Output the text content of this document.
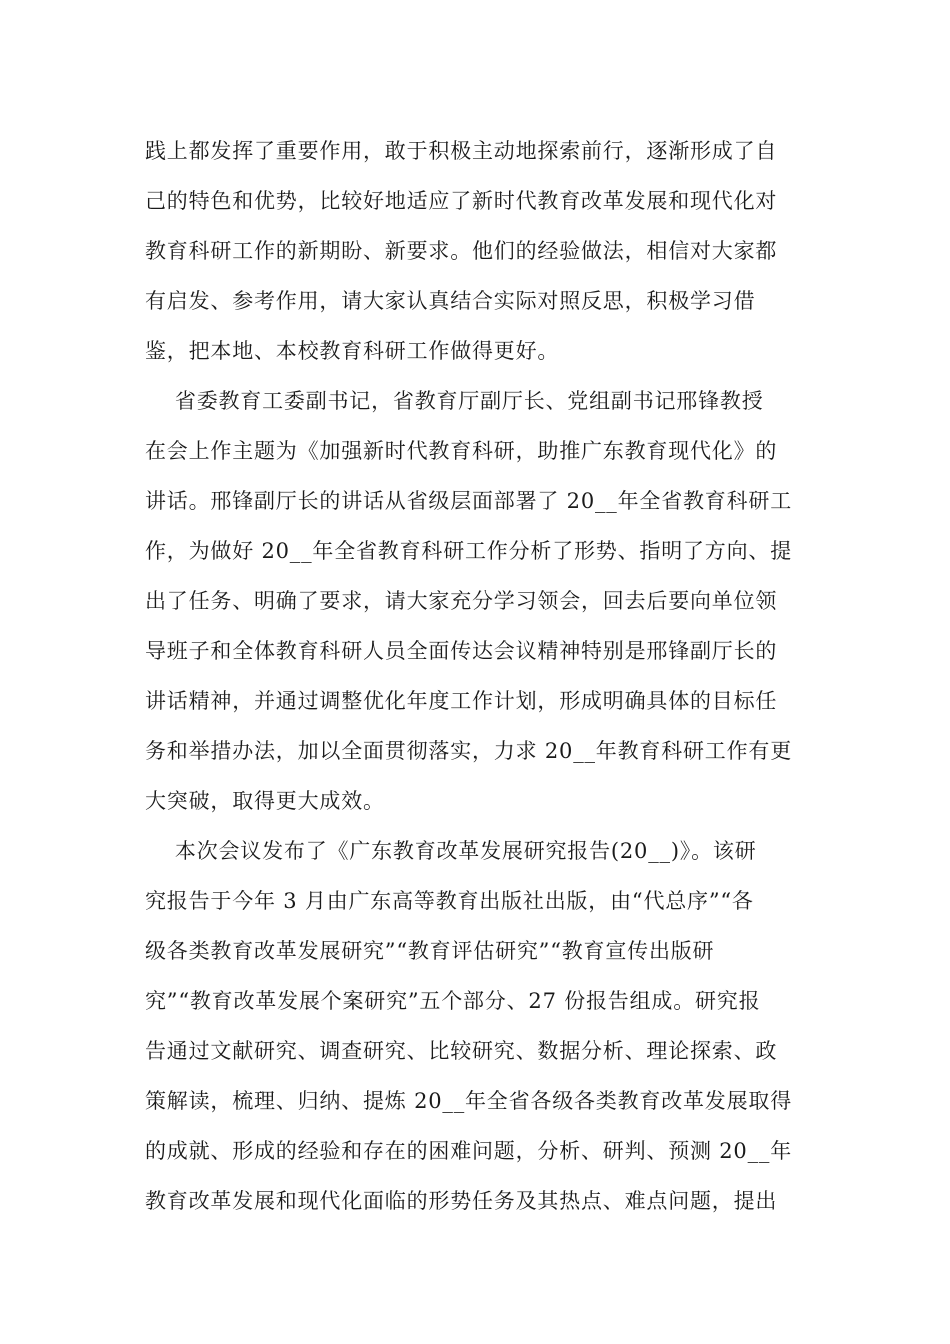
践上都发挥了重要作用，敢于积极主动地探索前行，逐渐形成了自
己的特色和优势，比较好地适应了新时代教育改革发展和现代化对
教育科研工作的新期盼、新要求。他们的经验做法，相信对大家都
有启发、参考作用，请大家认真结合实际对照反思，积极学习借
鉴，把本地、本校教育科研工作做得更好。
省委教育工委副书记，省教育厅副厅长、党组副书记邢锋教授
在会上作主题为《加强新时代教育科研，助推广东教育现代化》的
讲话。邢锋副厅长的讲话从省级层面部署了 20__年全省教育科研工
作，为做好 20__年全省教育科研工作分析了形势、指明了方向、提
出了任务、明确了要求，请大家充分学习领会，回去后要向单位领
导班子和全体教育科研人员全面传达会议精神特别是邢锋副厅长的
讲话精神，并通过调整优化年度工作计划，形成明确具体的目标任
务和举措办法，加以全面贯彻落实，力求 20__年教育科研工作有更
大突破，取得更大成效。
本次会议发布了《广东教育改革发展研究报告(20__)》。该研
究报告于今年 3 月由广东高等教育出版社出版，由“代总序”“各
级各类教育改革发展研究”“教育评估研究”“教育宣传出版研
究”“教育改革发展个案研究”五个部分、27 份报告组成。研究报
告通过文献研究、调查研究、比较研究、数据分析、理论探索、政
策解读，梳理、归纳、提炼 20__年全省各级各类教育改革发展取得
的成就、形成的经验和存在的困难问题，分析、研判、预测 20__年
教育改革发展和现代化面临的形势任务及其热点、难点问题，提出
